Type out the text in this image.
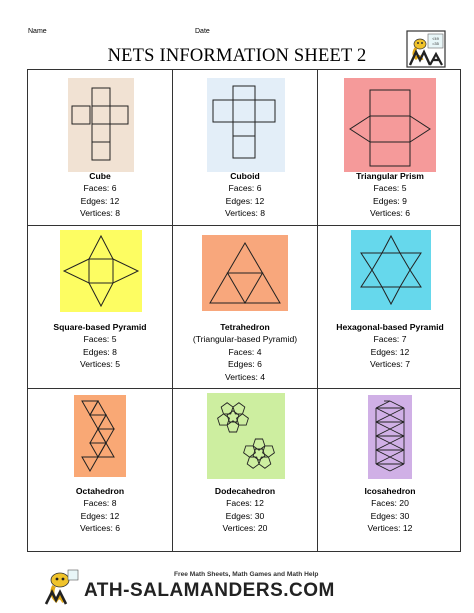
Name	Date
NETS INFORMATION SHEET 2
√49
=35
Cube
Faces: 6
Edges: 12
Vertices: 8
Cuboid
Faces: 6
Edges: 12
Vertices: 8
Triangular Prism
Faces: 5
Edges: 9
Vertices: 6
Square-based Pyramid
Faces: 5
Edges: 8
Vertices: 5
Tetrahedron
(Triangular-based Pyramid)
Faces: 4
Edges: 6
Vertices: 4
Hexagonal-based Pyramid
Faces: 7
Edges: 12
Vertices: 7
Octahedron
Faces: 8
Edges: 12
Vertices: 6
Dodecahedron
Faces: 12
Edges: 30
Vertices: 20
Icosahedron
Faces: 20
Edges: 30
Vertices: 12
Free Math Sheets, Math Games and Math Help
ATH-SALAMANDERS.COM
